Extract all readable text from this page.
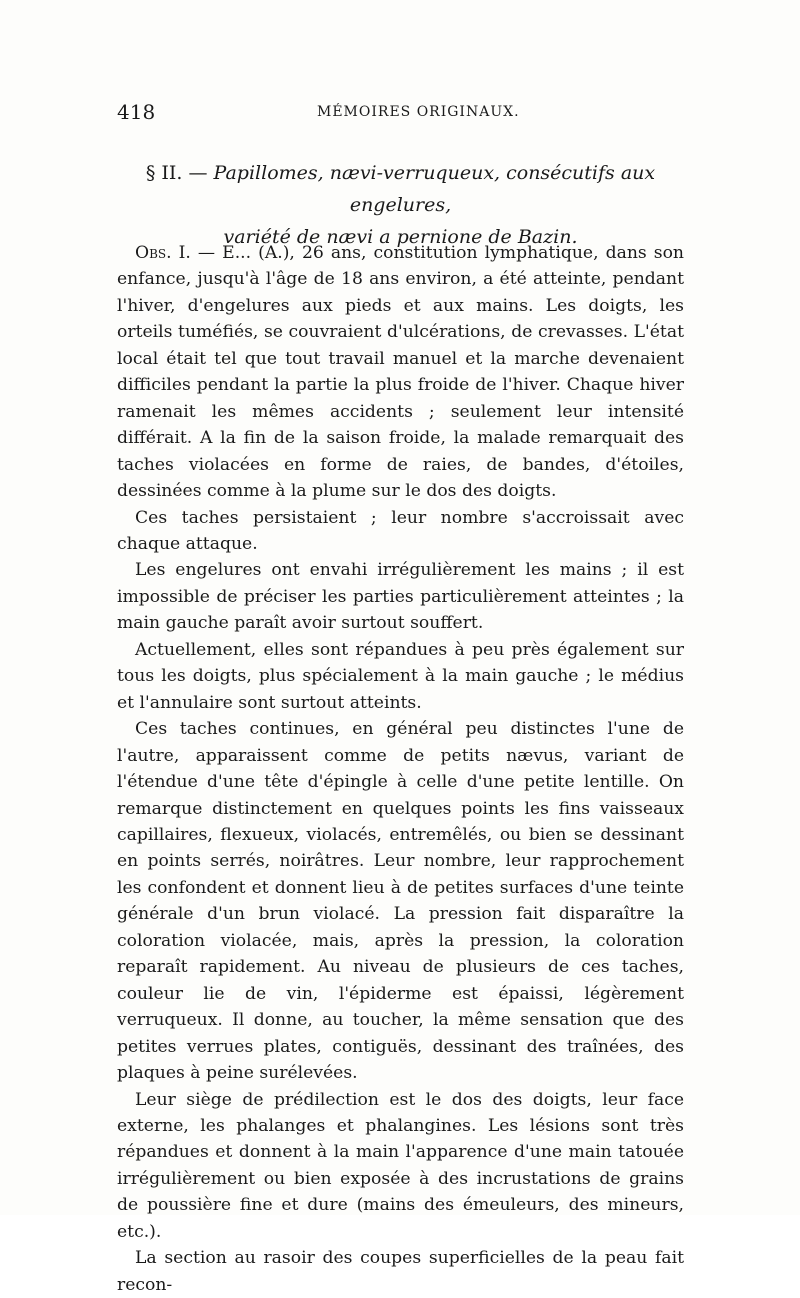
418	MÉMOIRES ORIGINAUX.
§ II. — Papillomes, nævi-verruqueux, consécutifs aux engelures,
variété de nævi a pernione de Bazin.

Obs. I. — E... (A.), 26 ans, constitution lymphatique, dans son enfance, jusqu'à l'âge de 18 ans environ, a été atteinte, pendant l'hiver, d'engelures aux pieds et aux mains. Les doigts, les orteils tuméfiés, se couvraient d'ulcérations, de crevasses. L'état local était tel que tout travail manuel et la marche devenaient difficiles pendant la partie la plus froide de l'hiver. Chaque hiver ramenait les mêmes accidents ; seulement leur intensité différait. A la fin de la saison froide, la malade remarquait des taches violacées en forme de raies, de bandes, d'étoiles, dessinées comme à la plume sur le dos des doigts.

Ces taches persistaient ; leur nombre s'accroissait avec chaque attaque.

Les engelures ont envahi irrégulièrement les mains ; il est impossible de préciser les parties particulièrement atteintes ; la main gauche paraît avoir surtout souffert.

Actuellement, elles sont répandues à peu près également sur tous les doigts, plus spécialement à la main gauche ; le médius et l'annulaire sont surtout atteints.

Ces taches continues, en général peu distinctes l'une de l'autre, apparaissent comme de petits nævus, variant de l'étendue d'une tête d'épingle à celle d'une petite lentille. On remarque distinctement en quelques points les fins vaisseaux capillaires, flexueux, violacés, entremêlés, ou bien se dessinant en points serrés, noirâtres. Leur nombre, leur rapprochement les confondent et donnent lieu à de petites surfaces d'une teinte générale d'un brun violacé. La pression fait disparaître la coloration violacée, mais, après la pression, la coloration reparaît rapidement. Au niveau de plusieurs de ces taches, couleur lie de vin, l'épiderme est épaissi, légèrement verruqueux. Il donne, au toucher, la même sensation que des petites verrues plates, contiguës, dessinant des traînées, des plaques à peine surélevées.

Leur siège de prédilection est le dos des doigts, leur face externe, les phalanges et phalangines. Les lésions sont très répandues et donnent à la main l'apparence d'une main tatouée irrégulièrement ou bien exposée à des incrustations de grains de poussière fine et dure (mains des émeuleurs, des mineurs, etc.).

La section au rasoir des coupes superficielles de la peau fait recon-
